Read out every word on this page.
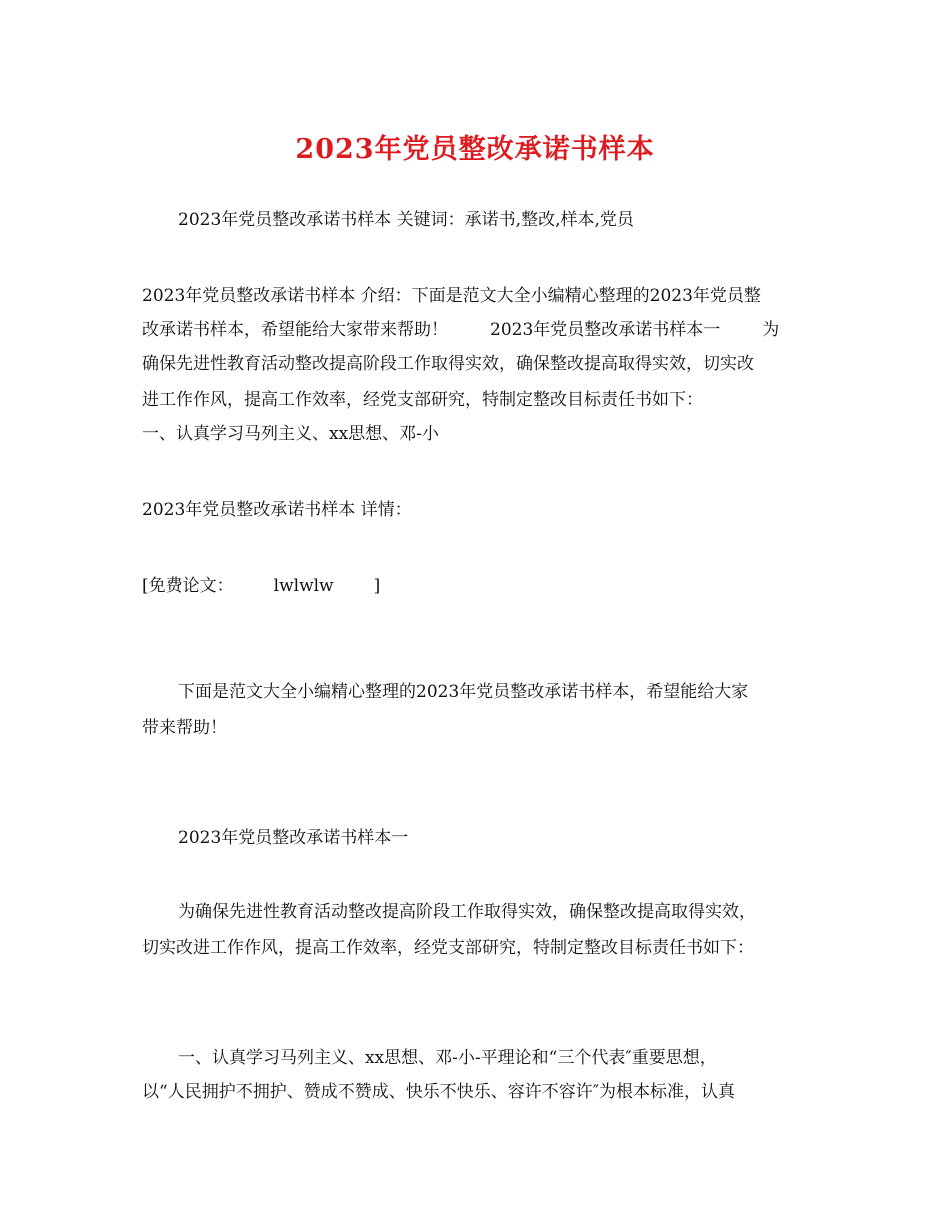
2023年党员整改承诺书样本
2023年党员整改承诺书样本 关键词：承诺书,整改,样本,党员
2023年党员整改承诺书样本 介绍：下面是范文大全小编精心整理的2023年党员整
改承诺书样本，希望能给大家带来帮助！ 2023年党员整改承诺书样本一 为
确保先进性教育活动整改提高阶段工作取得实效，确保整改提高取得实效，切实改
进工作作风，提高工作效率，经党支部研究，特制定整改目标责任书如下：
一、认真学习马列主义、xx思想、邓-小
2023年党员整改承诺书样本 详情：
[免费论文： lwlwlw ]
下面是范文大全小编精心整理的2023年党员整改承诺书样本，希望能给大家
带来帮助！
2023年党员整改承诺书样本一
为确保先进性教育活动整改提高阶段工作取得实效，确保整改提高取得实效，
切实改进工作作风，提高工作效率，经党支部研究，特制定整改目标责任书如下：
一、认真学习马列主义、xx思想、邓-小-平理论和“三个代表″重要思想，
以“人民拥护不拥护、赞成不赞成、快乐不快乐、容许不容许″为根本标准，认真
